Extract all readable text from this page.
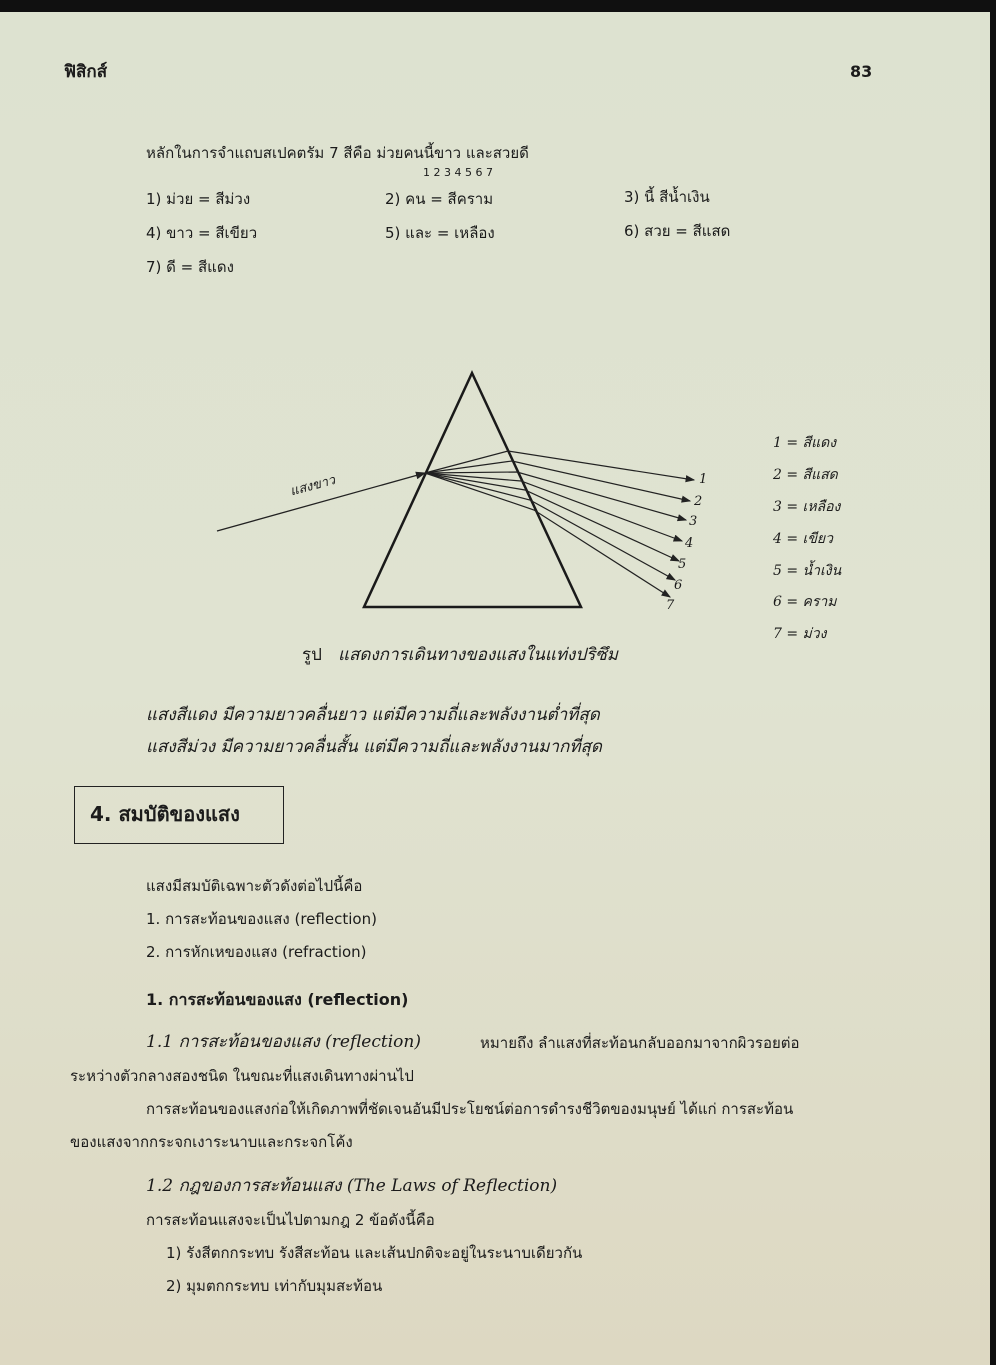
ฟิสิกส์	83
หลักในการจำแถบสเปคตรัม 7 สีคือ ม่วยคนนี้ขาว และสวยดี
1 2 3 4 5 6 7
1) ม่วย = สีม่วง	2) คน = สีคราม	3) นี้ สีน้ำเงิน
4) ขาว = สีเขียว	5) และ = เหลือง	6) สวย = สีแสด
7) ดี = สีแดง
แสงขาว	1
2
3
4
5
6
7
1 = สีแดง
2 = สีแสด
3 = เหลือง
4 = เขียว
5 = น้ำเงิน
6 = คราม
7 = ม่วง
รูป แสดงการเดินทางของแสงในแท่งปริซึม
แสงสีแดง มีความยาวคลื่นยาว แต่มีความถี่และพลังงานต่ำที่สุด
แสงสีม่วง มีความยาวคลื่นสั้น แต่มีความถี่และพลังงานมากที่สุด
4. สมบัติของแสง
แสงมีสมบัติเฉพาะตัวดังต่อไปนี้คือ
1. การสะท้อนของแสง (reflection)
2. การหักเหของแสง (refraction)
1. การสะท้อนของแสง (reflection)
1.1 การสะท้อนของแสง (reflection)	หมายถึง ลำแสงที่สะท้อนกลับออกมาจากผิวรอยต่อ
ระหว่างตัวกลางสองชนิด ในขณะที่แสงเดินทางผ่านไป
การสะท้อนของแสงก่อให้เกิดภาพที่ชัดเจนอันมีประโยชน์ต่อการดำรงชีวิตของมนุษย์ ได้แก่ การสะท้อน
ของแสงจากกระจกเงาระนาบและกระจกโค้ง
1.2 กฎของการสะท้อนแสง (The Laws of Reflection)
การสะท้อนแสงจะเป็นไปตามกฎ 2 ข้อดังนี้คือ
1) รังสีตกกระทบ รังสีสะท้อน และเส้นปกติจะอยู่ในระนาบเดียวกัน
2) มุมตกกระทบ เท่ากับมุมสะท้อน
